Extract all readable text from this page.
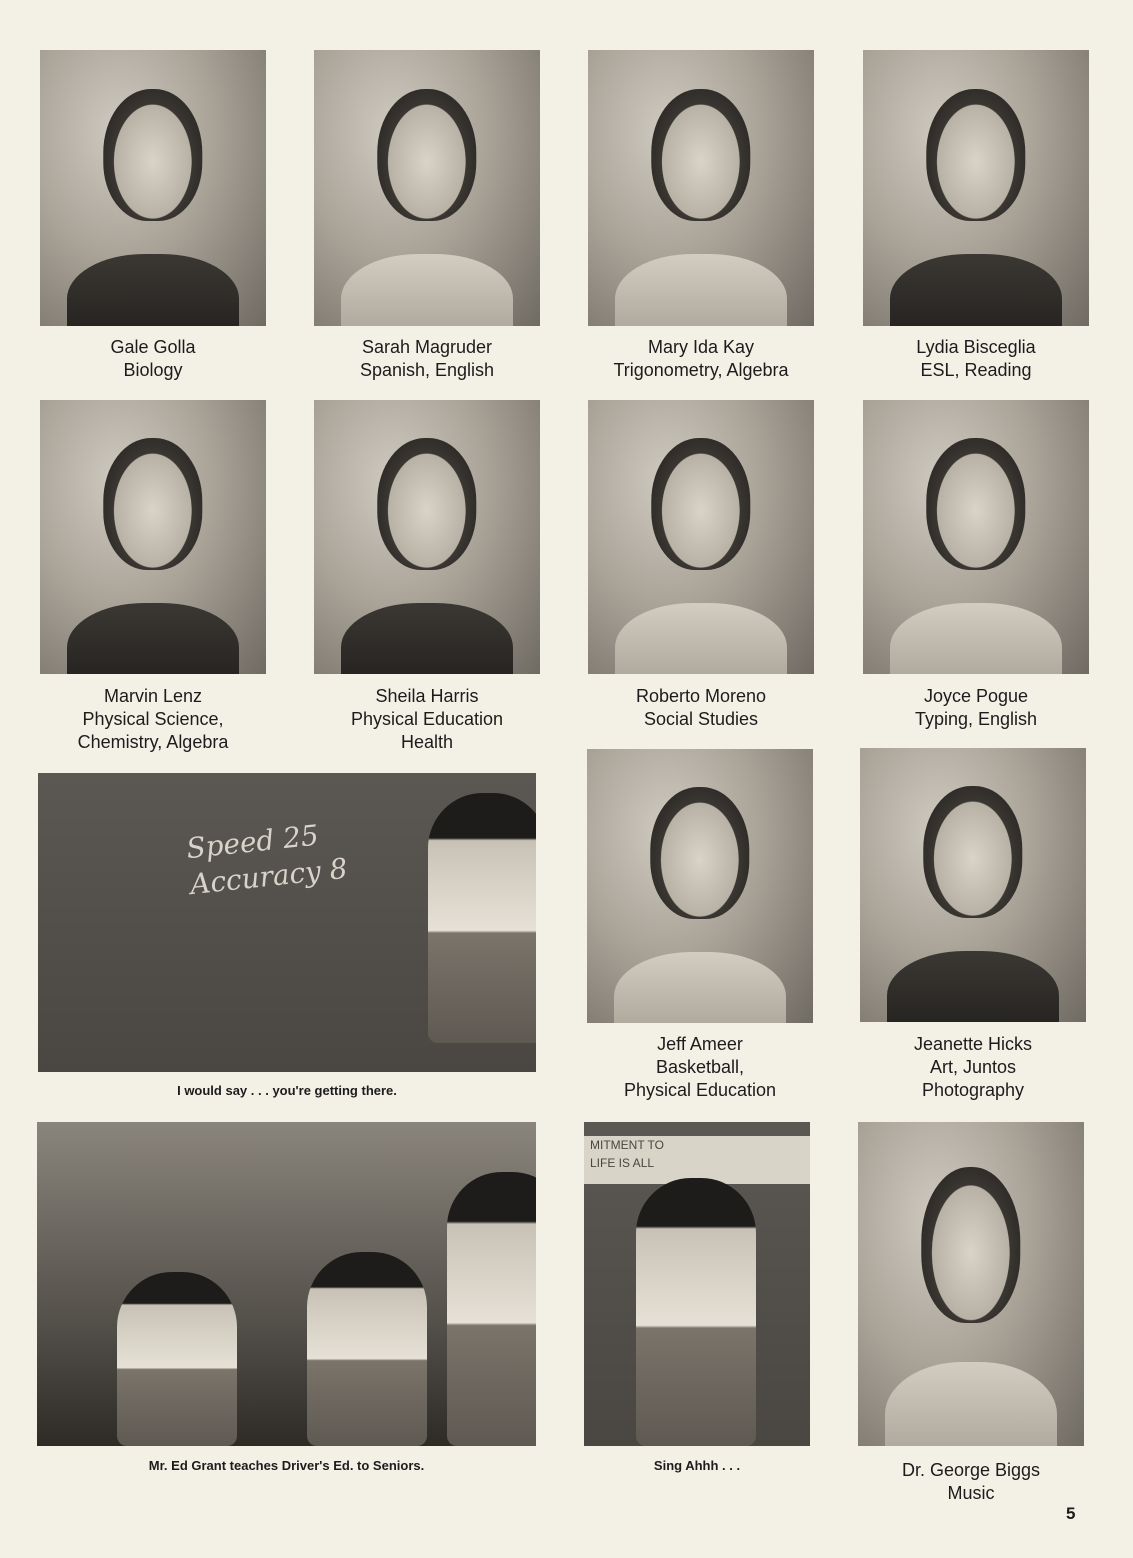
Gale Golla
Biology
Sarah Magruder
Spanish, English
Mary Ida Kay
Trigonometry, Algebra
Lydia Bisceglia
ESL, Reading
Marvin Lenz
Physical Science,
Chemistry, Algebra
Sheila Harris
Physical Education
Health
Roberto Moreno
Social Studies
Joyce Pogue
Typing, English
Speed 25
Accuracy 8
I would say . . . you're getting there.
Jeff Ameer
Basketball,
Physical Education
Jeanette Hicks
Art, Juntos
Photography
Mr. Ed Grant teaches Driver's Ed. to Seniors.
MITMENT TO
LIFE IS ALL
Sing Ahhh . . .	Dr. George Biggs
Music
5
